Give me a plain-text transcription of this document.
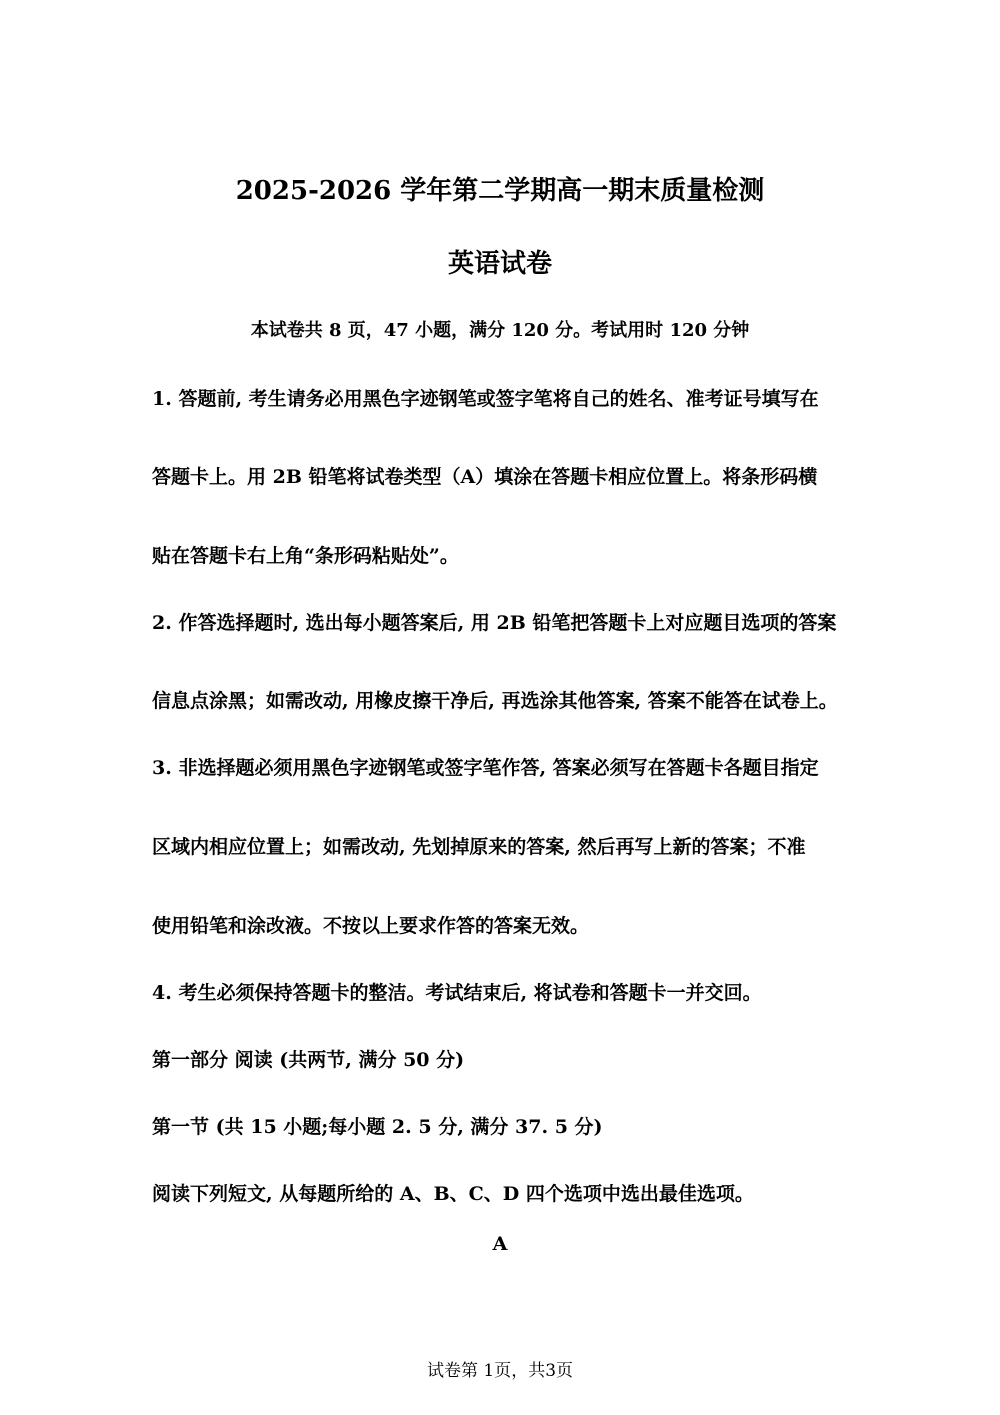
2025-2026 学年第二学期高一期末质量检测
英语试卷
本试卷共 8 页，47 小题，满分 120 分。考试用时 120 分钟
1. 答题前, 考生请务必用黑色字迹钢笔或签字笔将自己的姓名、准考证号填写在
答题卡上。用 2B 铅笔将试卷类型（A）填涂在答题卡相应位置上。将条形码横
贴在答题卡右上角“条形码粘贴处”。
2. 作答选择题时, 选出每小题答案后, 用 2B 铅笔把答题卡上对应题目选项的答案
信息点涂黑；如需改动, 用橡皮擦干净后, 再选涂其他答案, 答案不能答在试卷上。
3. 非选择题必须用黑色字迹钢笔或签字笔作答, 答案必须写在答题卡各题目指定
区域内相应位置上；如需改动, 先划掉原来的答案, 然后再写上新的答案；不准
使用铅笔和涂改液。不按以上要求作答的答案无效。
4. 考生必须保持答题卡的整洁。考试结束后, 将试卷和答题卡一并交回。
第一部分 阅读 (共两节, 满分 50 分)
第一节 (共 15 小题;每小题 2. 5 分, 满分 37. 5 分)
阅读下列短文, 从每题所给的 A、B、C、D 四个选项中选出最佳选项。
A
试卷第 1页，共3页
